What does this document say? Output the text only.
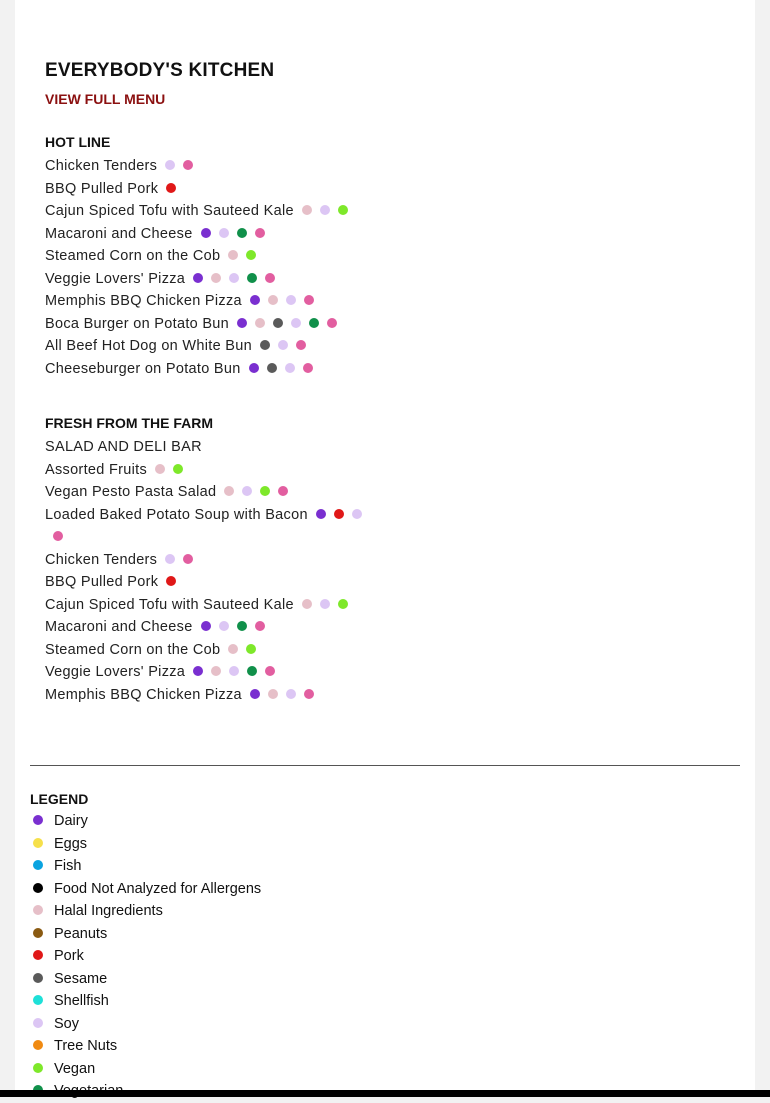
EVERYBODY'S KITCHEN
VIEW FULL MENU
HOT LINE
Chicken Tenders
BBQ Pulled Pork
Cajun Spiced Tofu with Sauteed Kale
Macaroni and Cheese
Steamed Corn on the Cob
Veggie Lovers' Pizza
Memphis BBQ Chicken Pizza
Boca Burger on Potato Bun
All Beef Hot Dog on White Bun
Cheeseburger on Potato Bun
FRESH FROM THE FARM
SALAD AND DELI BAR
Assorted Fruits
Vegan Pesto Pasta Salad
Loaded Baked Potato Soup with Bacon
Chicken Tenders
BBQ Pulled Pork
Cajun Spiced Tofu with Sauteed Kale
Macaroni and Cheese
Steamed Corn on the Cob
Veggie Lovers' Pizza
Memphis BBQ Chicken Pizza
LEGEND
Dairy
Eggs
Fish
Food Not Analyzed for Allergens
Halal Ingredients
Peanuts
Pork
Sesame
Shellfish
Soy
Tree Nuts
Vegan
